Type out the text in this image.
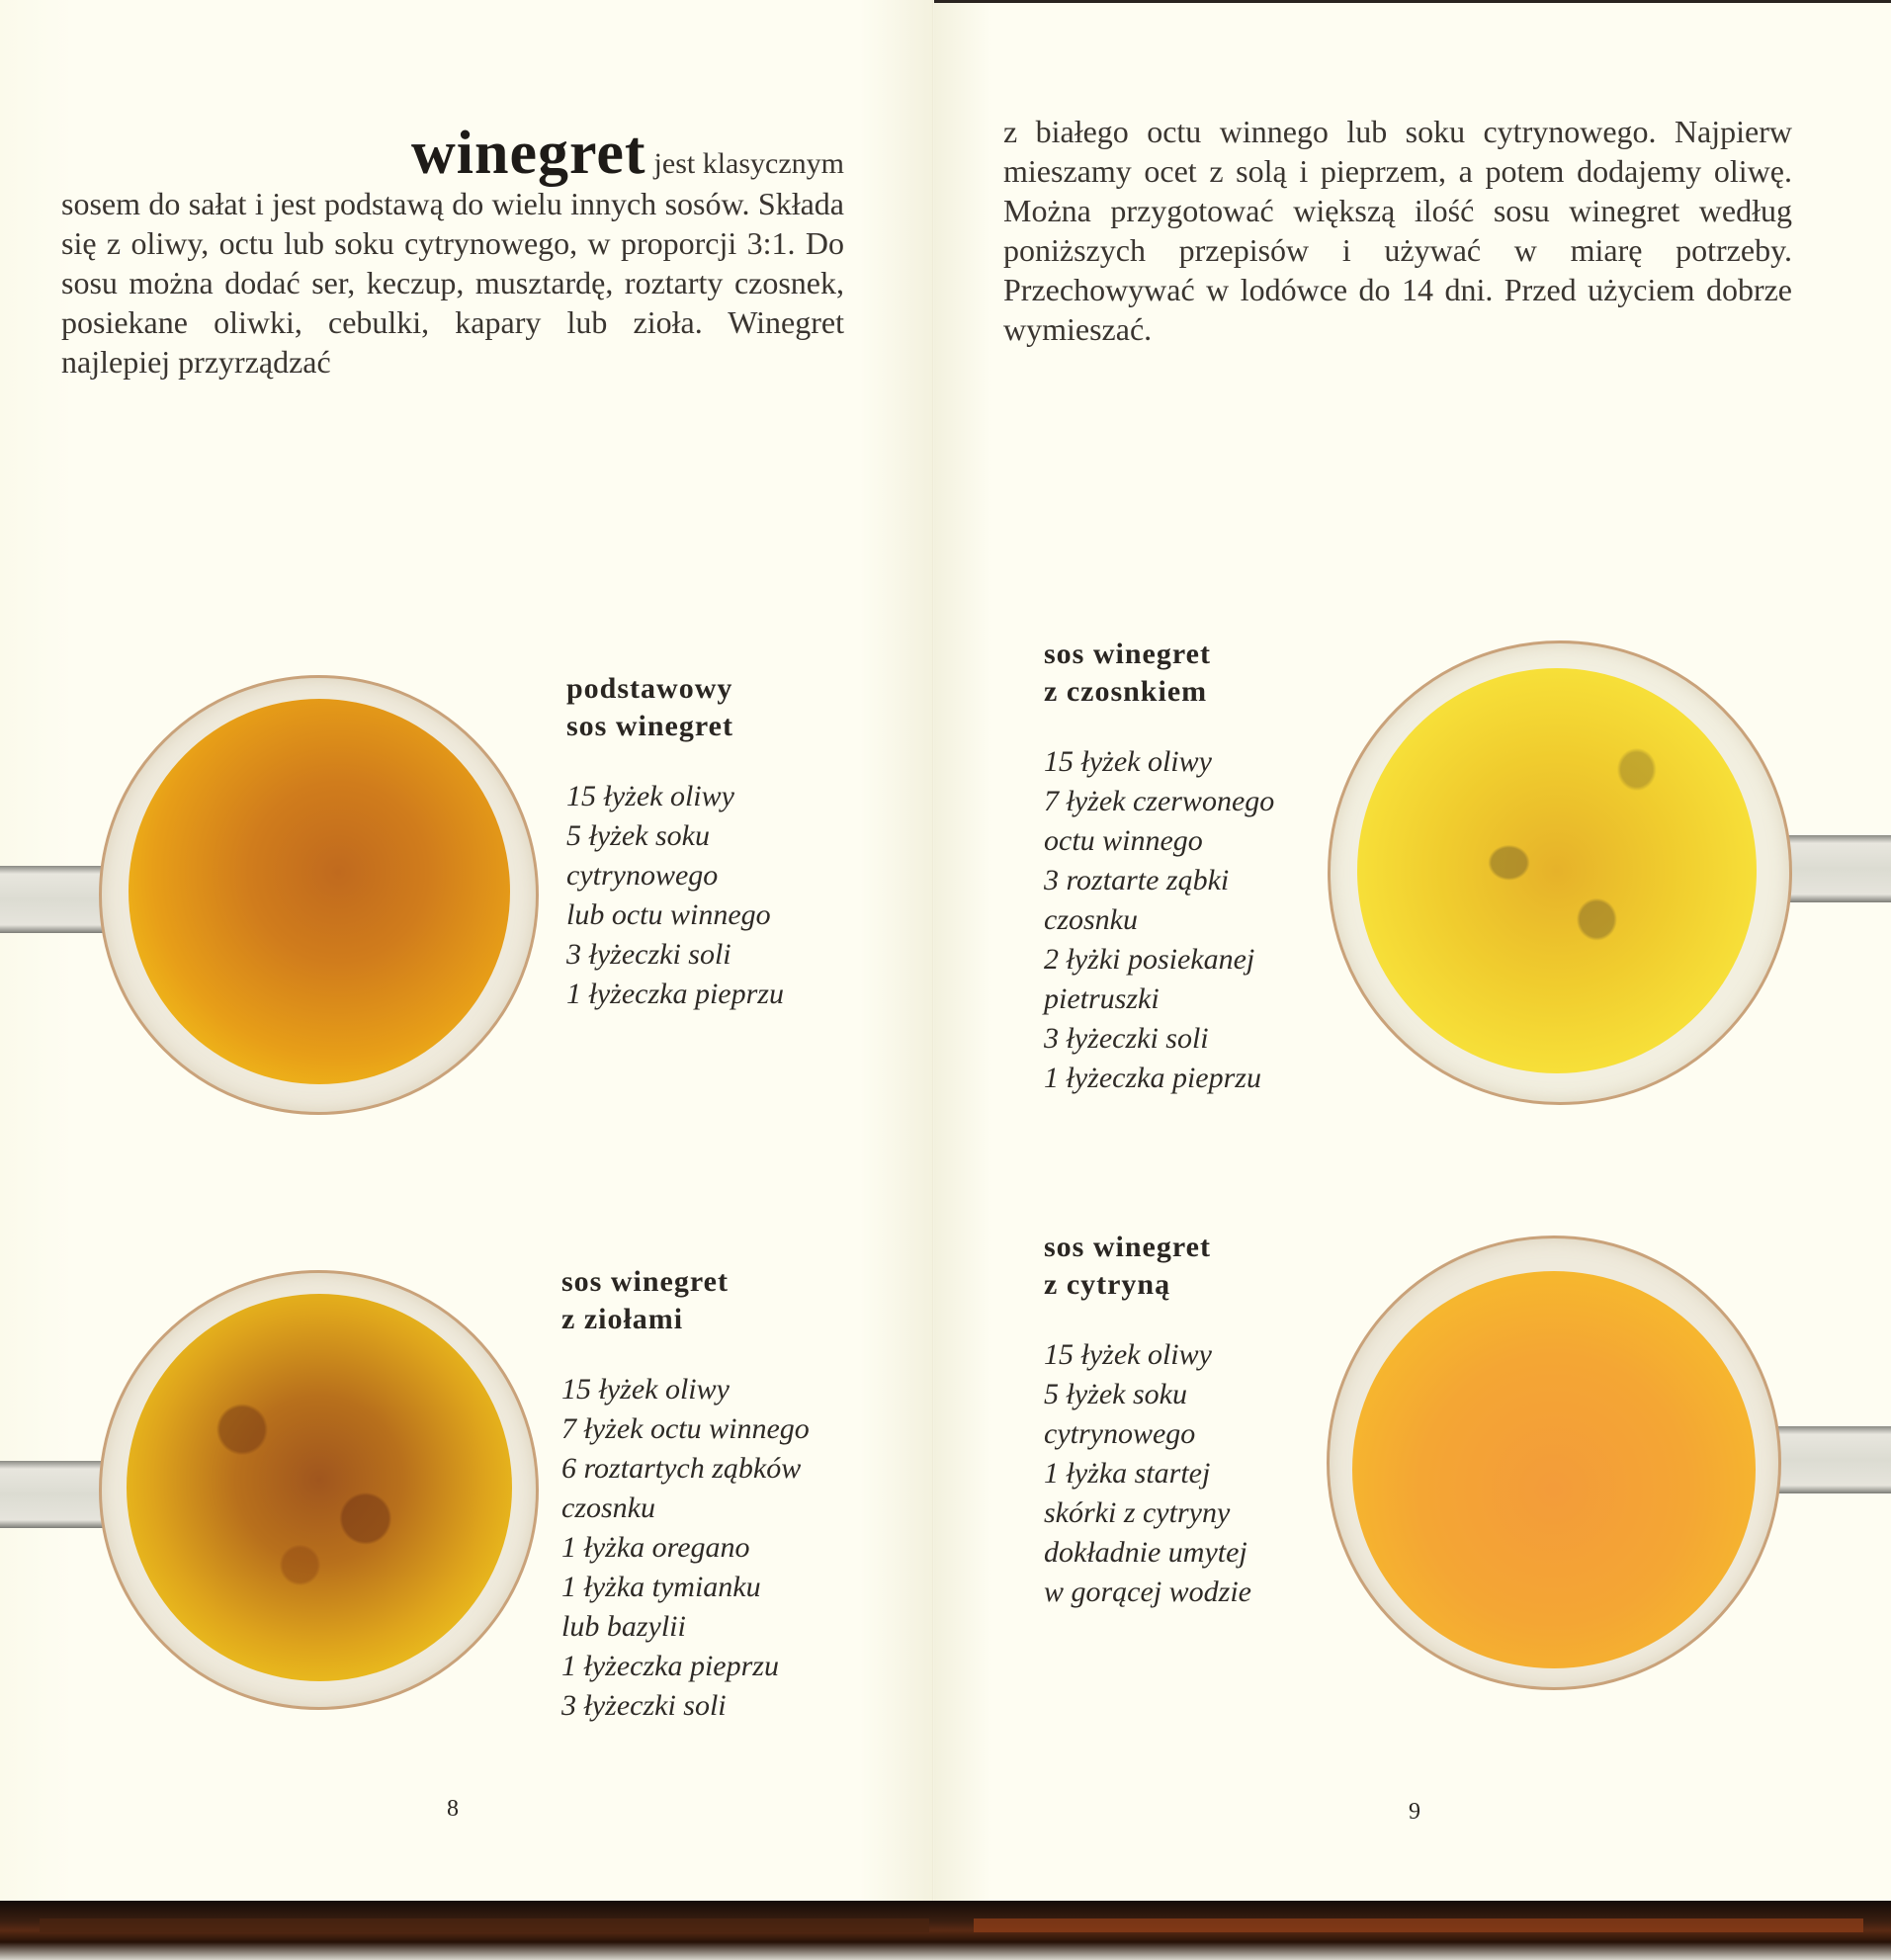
winegret jest klasycznym
sosem do sałat i jest podstawą do wielu innych sosów. Składa się z oliwy, octu lub soku cytrynowego, w proporcji 3:1. Do sosu można dodać ser, keczup, musztardę, roztarty czosnek, posiekane oliwki, cebulki, kapary lub zioła. Winegret najlepiej przyrządzać
podstawowy
sos winegret
15 łyżek oliwy
5 łyżek soku
cytrynowego
lub octu winnego
3 łyżeczki soli
1 łyżeczka pieprzu
sos winegret
z ziołami
15 łyżek oliwy
7 łyżek octu winnego
6 roztartych ząbków
czosnku
1 łyżka oregano
1 łyżka tymianku
lub bazylii
1 łyżeczka pieprzu
3 łyżeczki soli
8
z białego octu winnego lub soku cytrynowego. Najpierw mieszamy ocet z solą i pieprzem, a potem dodajemy oliwę. Można przygotować większą ilość sosu winegret według poniższych przepisów i używać w miarę potrzeby. Przechowywać w lodówce do 14 dni. Przed użyciem dobrze wymieszać.
sos winegret
z czosnkiem
15 łyżek oliwy
7 łyżek czerwonego
octu winnego
3 roztarte ząbki
czosnku
2 łyżki posiekanej
pietruszki
3 łyżeczki soli
1 łyżeczka pieprzu
sos winegret
z cytryną
15 łyżek oliwy
5 łyżek soku
cytrynowego
1 łyżka startej
skórki z cytryny
dokładnie umytej
w gorącej wodzie
9
